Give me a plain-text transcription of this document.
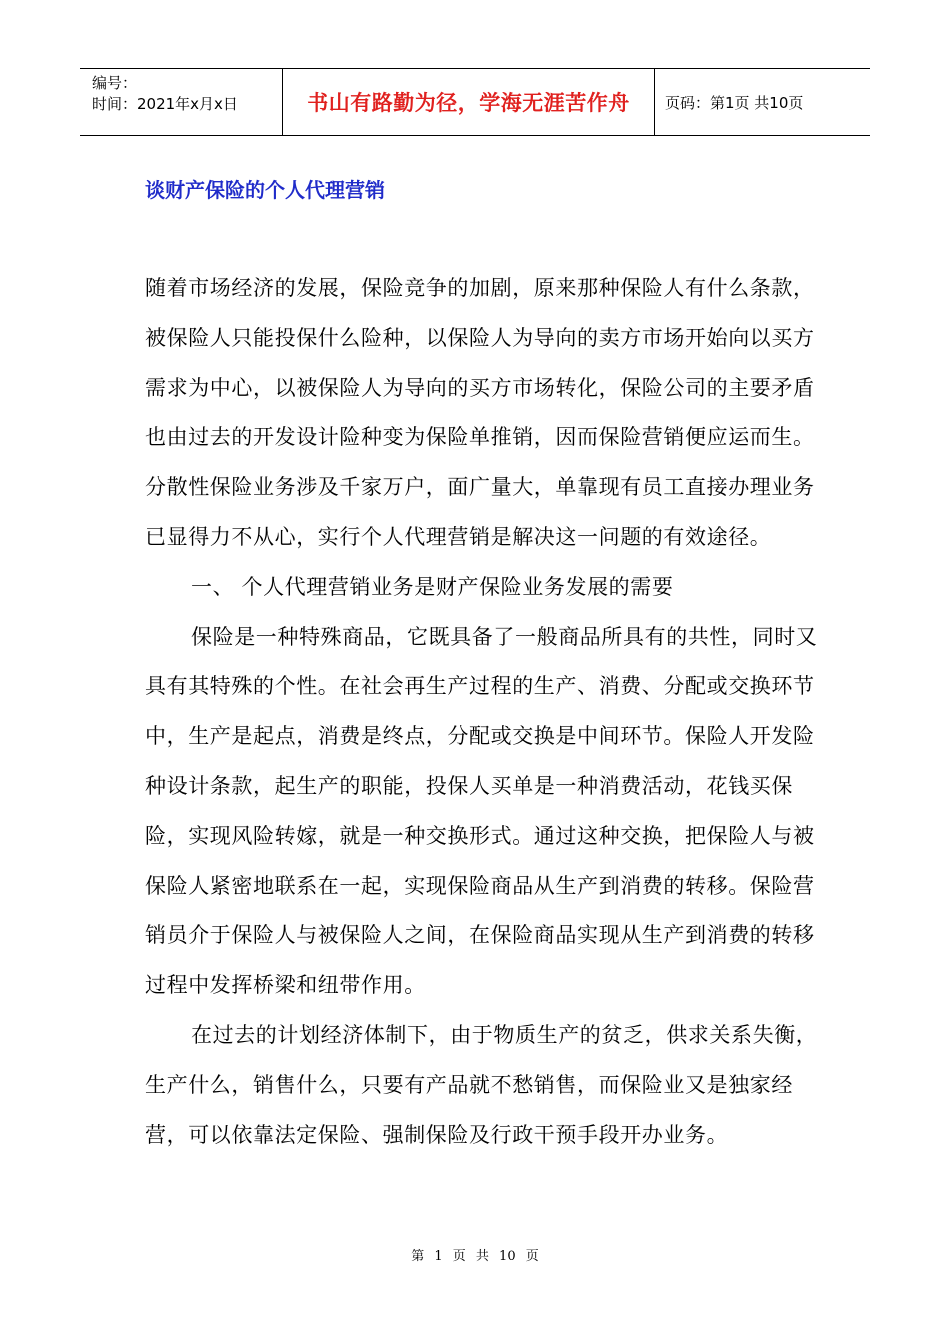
编号：
时间：2021年x月x日	书山有路勤为径，学海无涯苦作舟	页码：第1页 共10页
谈财产保险的个人代理营销

随着市场经济的发展，保险竞争的加剧，原来那种保险人有什么条款，被保险人只能投保什么险种，以保险人为导向的卖方市场开始向以买方需求为中心，以被保险人为导向的买方市场转化，保险公司的主要矛盾也由过去的开发设计险种变为保险单推销，因而保险营销便应运而生。分散性保险业务涉及千家万户，面广量大，单靠现有员工直接办理业务已显得力不从心，实行个人代理营销是解决这一问题的有效途径。

一、 个人代理营销业务是财产保险业务发展的需要

保险是一种特殊商品，它既具备了一般商品所具有的共性，同时又具有其特殊的个性。在社会再生产过程的生产、消费、分配或交换环节中，生产是起点，消费是终点，分配或交换是中间环节。保险人开发险种设计条款，起生产的职能，投保人买单是一种消费活动，花钱买保险，实现风险转嫁，就是一种交换形式。通过这种交换，把保险人与被保险人紧密地联系在一起，实现保险商品从生产到消费的转移。保险营销员介于保险人与被保险人之间，在保险商品实现从生产到消费的转移过程中发挥桥梁和纽带作用。

在过去的计划经济体制下，由于物质生产的贫乏，供求关系失衡，生产什么，销售什么，只要有产品就不愁销售，而保险业又是独家经营，可以依靠法定保险、强制保险及行政干预手段开办业务。

第 1 页 共 10 页
